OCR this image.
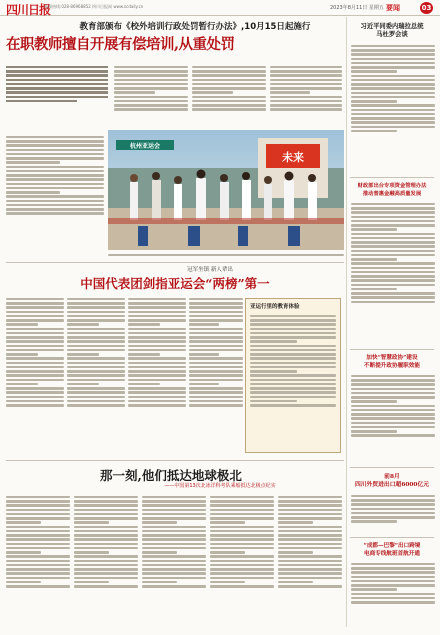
四川日报
新闻热线:028-86968852 四川日报网 www.scdaily.cn	2023年8月11日 星期五 要闻	03
教育部颁布《校外培训行政处罚暂行办法》,10月15日起施行
在职教师擅自开展有偿培训,从重处罚
未来
杭州亚运会
冠军坐镇 新人辈出
中国代表团剑指亚运会“两榜”第一
亚运行里的教育体验
那一刻,他们抵达地球极北
——中国第13次北冰洋科考队乘船抵达北极点纪实
习近平同委内瑞拉总统
马杜罗会谈
财政部出台专项资金管理办法
推动普惠金融高质量发展
加快“智慧政协”建设
不断提升政协履职效能
前8月
四川外贸进出口超6000亿元
“成都—巴黎”出口跨境
电商专线航班首航开通
